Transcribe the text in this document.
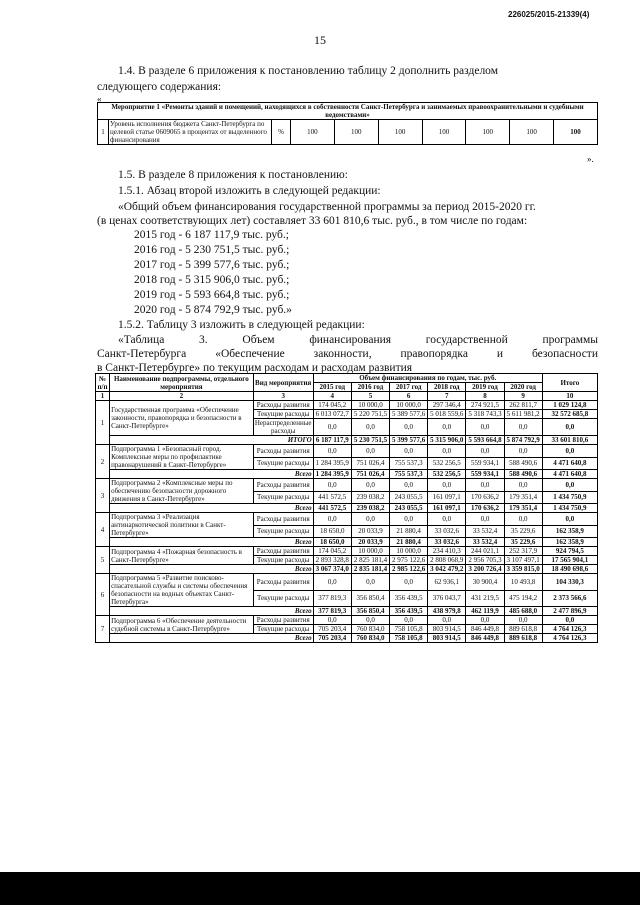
226025/2015-21339(4)
15
1.4. В разделе 6 приложения к постановлению таблицу 2 дополнить разделом
следующего содержания:
«
Мероприятие 1 «Ремонты зданий и помещений, находящихся в собственности Санкт-Петербурга и занимаемых правоохранительными и судебными ведомствами»
1	Уровень исполнения бюджета Санкт-Петербурга по целевой статье 0609065 в процентах от выделенного финансирования	%	100	100	100	100	100	100	100
».
1.5. В разделе 8 приложения к постановлению:
1.5.1. Абзац второй изложить в следующей редакции:
«Общий объем финансирования государственной программы за период 2015-2020 гг.
(в ценах соответствующих лет) составляет 33 601 810,6 тыс. руб., в том числе по годам:
2015 год - 6 187 117,9 тыс. руб.;
2016 год - 5 230 751,5 тыс. руб.;
2017 год - 5 399 577,6 тыс. руб.;
2018 год - 5 315 906,0 тыс. руб.;
2019 год - 5 593 664,8 тыс. руб.;
2020 год - 5 874 792,9 тыс. руб.»
1.5.2. Таблицу 3 изложить в следующей редакции:
«Таблица 3. Объем финансирования государственной программы
Санкт-Петербурга «Обеспечение законности, правопорядка и безопасности
в Санкт-Петербурге» по текущим расходам и расходам развития
№ п/п	Наименование подпрограммы, отдельного мероприятия	Вид мероприятия	Объем финансирования по годам, тыс. руб.						Итого
			2015 год	2016 год	2017 год	2018 год	2019 год	2020 год	
1	2	3	4	5	6	7	8	9	10
1	Государственная программа «Обеспечение законности, правопорядка и безопасности в Санкт-Петербурге»	Расходы развития	174 045,2	10 000,0	10 000,0	297 346,4	274 921,5	262 811,7	1 029 124,8
		Текущие расходы	6 013 072,7	5 220 751,5	5 389 577,6	5 018 559,6	5 318 743,3	5 611 981,2	32 572 685,8
		Нераспределенные расходы	0,0	0,0	0,0	0,0	0,0	0,0	0,0
	ИТОГО		6 187 117,9	5 230 751,5	5 399 577,6	5 315 906,0	5 593 664,8	5 874 792,9	33 601 810,6
2	Подпрограмма 1 «Безопасный город. Комплексные меры по профилактике правонарушений в Санкт-Петербурге»	Расходы развития	0,0	0,0	0,0	0,0	0,0	0,0	0,0
		Текущие расходы	1 284 395,9	751 026,4	755 537,3	532 256,5	559 934,1	588 490,6	4 471 640,8
	Всего		1 284 395,9	751 026,4	755 537,3	532 256,5	559 934,1	588 490,6	4 471 640,8
3	Подпрограмма 2 «Комплексные меры по обеспечению безопасности дорожного движения в Санкт-Петербурге»	Расходы развития	0,0	0,0	0,0	0,0	0,0	0,0	0,0
		Текущие расходы	441 572,5	239 038,2	243 055,5	161 097,1	170 636,2	179 351,4	1 434 750,9
	Всего		441 572,5	239 038,2	243 055,5	161 097,1	170 636,2	179 351,4	1 434 750,9
4	Подпрограмма 3 «Реализация антинаркотической политики в Санкт-Петербурге»	Расходы развития	0,0	0,0	0,0	0,0	0,0	0,0	0,0
		Текущие расходы	18 650,0	20 033,9	21 880,4	33 032,6	33 532,4	35 229,6	162 358,9
	Всего		18 650,0	20 033,9	21 880,4	33 032,6	33 532,4	35 229,6	162 358,9
5	Подпрограмма 4 «Пожарная безопасность в Санкт-Петербурге»	Расходы развития	174 045,2	10 000,0	10 000,0	234 410,3	244 021,1	252 317,9	924 794,5
		Текущие расходы	2 893 328,8	2 825 181,4	2 975 122,6	2 808 068,9	2 956 705,3	3 107 497,1	17 565 904,1
	Всего		3 067 374,0	2 835 181,4	2 985 122,6	3 042 479,2	3 200 726,4	3 359 815,0	18 490 698,6
6	Подпрограмма 5 «Развитие поисково-спасательной службы и системы обеспечения безопасности на водных объектах Санкт-Петербурга»	Расходы развития	0,0	0,0	0,0	62 936,1	30 900,4	10 493,8	104 330,3
		Текущие расходы	377 819,3	356 850,4	356 439,5	376 043,7	431 219,5	475 194,2	2 373 566,6
	Всего		377 819,3	356 850,4	356 439,5	438 979,8	462 119,9	485 688,0	2 477 896,9
7	Подпрограмма 6 «Обеспечение деятельности судебной системы в Санкт-Петербурге»	Расходы развития	0,0	0,0	0,0	0,0	0,0	0,0	0,0
		Текущие расходы	705 203,4	760 834,0	758 105,8	803 914,5	846 449,8	889 618,8	4 764 126,3
	Всего		705 203,4	760 834,0	758 105,8	803 914,5	846 449,8	889 618,8	4 764 126,3
